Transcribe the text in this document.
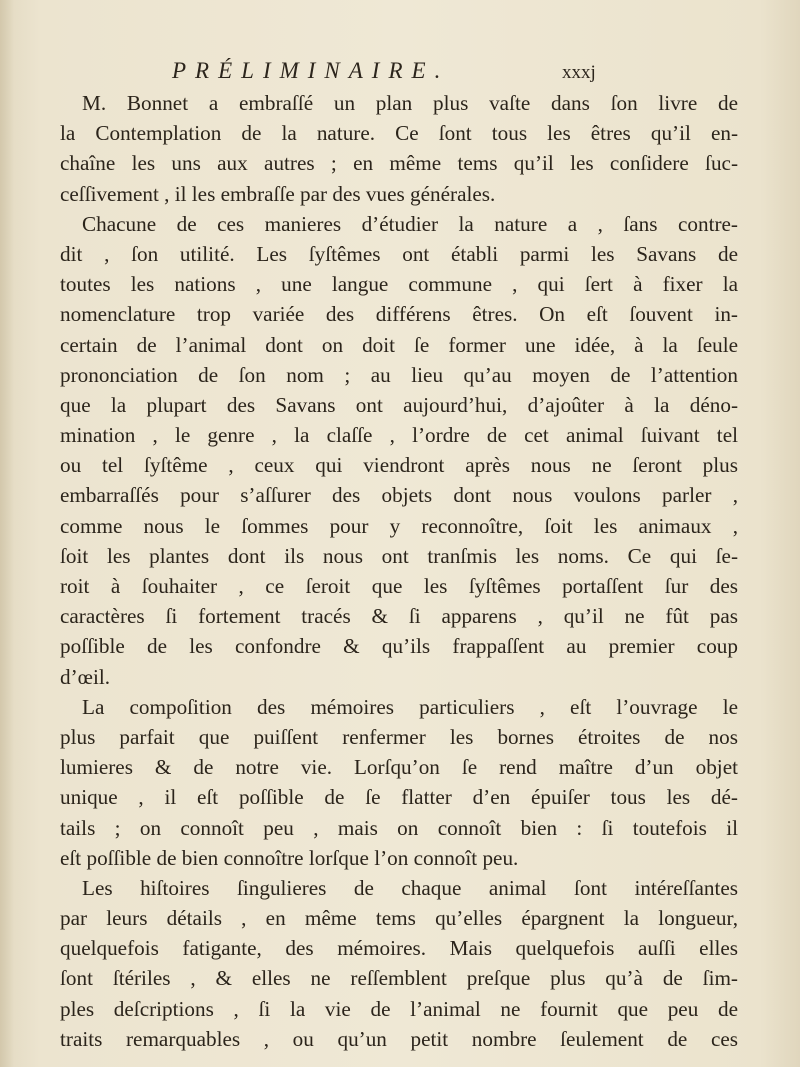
PRÉLIMINAIRE.	xxxj
M. Bonnet a embraſſé un plan plus vaſte dans ſon livre de
la Contemplation de la nature. Ce ſont tous les êtres qu’il en-
chaîne les uns aux autres ; en même tems qu’il les conſidere ſuc-
ceſſivement , il les embraſſe par des vues générales.
Chacune de ces manieres d’étudier la nature a , ſans contre-
dit , ſon utilité. Les ſyſtêmes ont établi parmi les Savans de
toutes les nations , une langue commune , qui ſert à fixer la
nomenclature trop variée des différens êtres. On eſt ſouvent in-
certain de l’animal dont on doit ſe former une idée, à la ſeule
prononciation de ſon nom ; au lieu qu’au moyen de l’attention
que la plupart des Savans ont aujourd’hui, d’ajoûter à la déno-
mination , le genre , la claſſe , l’ordre de cet animal ſuivant tel
ou tel ſyſtême , ceux qui viendront après nous ne ſeront plus
embarraſſés pour s’aſſurer des objets dont nous voulons parler ,
comme nous le ſommes pour y reconnoître, ſoit les animaux ,
ſoit les plantes dont ils nous ont tranſmis les noms. Ce qui ſe-
roit à ſouhaiter , ce ſeroit que les ſyſtêmes portaſſent ſur des
caractères ſi fortement tracés & ſi apparens , qu’il ne fût pas
poſſible de les confondre & qu’ils frappaſſent au premier coup
d’œil.
La compoſition des mémoires particuliers , eſt l’ouvrage le
plus parfait que puiſſent renfermer les bornes étroites de nos
lumieres & de notre vie. Lorſqu’on ſe rend maître d’un objet
unique , il eſt poſſible de ſe flatter d’en épuiſer tous les dé-
tails ; on connoît peu , mais on connoît bien : ſi toutefois il
eſt poſſible de bien connoître lorſque l’on connoît peu.
Les hiſtoires ſingulieres de chaque animal ſont intéreſſantes
par leurs détails , en même tems qu’elles épargnent la longueur,
quelquefois fatigante, des mémoires. Mais quelquefois auſſi elles
ſont ſtériles , & elles ne reſſemblent preſque plus qu’à de ſim-
ples deſcriptions , ſi la vie de l’animal ne fournit que peu de
traits remarquables , ou qu’un petit nombre ſeulement de ces
